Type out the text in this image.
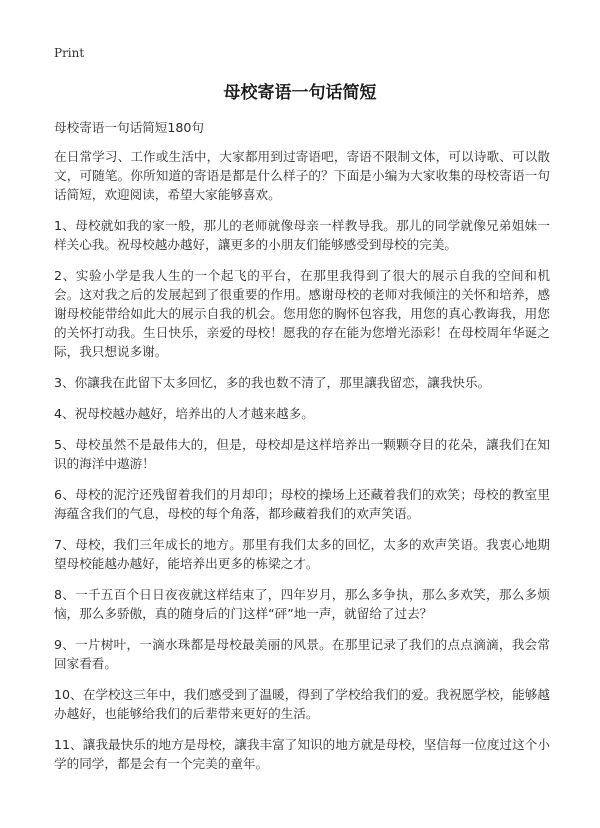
Print
母校寄语一句话简短

母校寄语一句话简短180句

在日常学习、工作或生活中，大家都用到过寄语吧，寄语不限制文体，可以诗歌、可以散文，可随笔。你所知道的寄语是都是什么样子的？下面是小编为大家收集的母校寄语一句话简短，欢迎阅读，希望大家能够喜欢。

1、母校就如我的家一般，那儿的老师就像母亲一样教导我。那儿的同学就像兄弟姐妹一样关心我。祝母校越办越好，讓更多的小朋友们能够感受到母校的完美。

2、实验小学是我人生的一个起飞的平台，在那里我得到了很大的展示自我的空间和机会。这对我之后的发展起到了很重要的作用。感谢母校的老师对我倾注的关怀和培养，感谢母校能带给如此大的展示自我的机会。您用您的胸怀包容我，用您的真心教诲我，用您的关怀打动我。生日快乐，亲爱的母校！愿我的存在能为您增光添彩！在母校周年华诞之际，我只想说多谢。

3、你讓我在此留下太多回忆，多的我也数不清了，那里讓我留恋，讓我快乐。

4、祝母校越办越好，培养出的人才越来越多。

5、母校虽然不是最伟大的，但是，母校却是这样培养出一颗颗夺目的花朵，讓我们在知识的海洋中遨游！

6、母校的泥泞还残留着我们的月却印；母校的操场上还藏着我们的欢笑；母校的教室里海蕴含我们的气息，母校的每个角落，都珍藏着我们的欢声笑语。

7、母校，我们三年成长的地方。那里有我们太多的回忆，太多的欢声笑语。我衷心地期望母校能越办越好，能培养出更多的栋梁之才。

8、一千五百个日日夜夜就这样结束了，四年岁月，那么多争执，那么多欢笑，那么多烦恼，那么多骄傲，真的随身后的门这样“砰”地一声，就留给了过去？

9、一片树叶，一滴水珠都是母校最美丽的风景。在那里记录了我们的点点滴滴，我会常回家看看。

10、在学校这三年中，我们感受到了温暖，得到了学校给我们的爱。我祝愿学校，能够越办越好，也能够给我们的后辈带来更好的生活。

11、讓我最快乐的地方是母校，讓我丰富了知识的地方就是母校，坚信每一位度过这个小学的同学，都是会有一个完美的童年。
